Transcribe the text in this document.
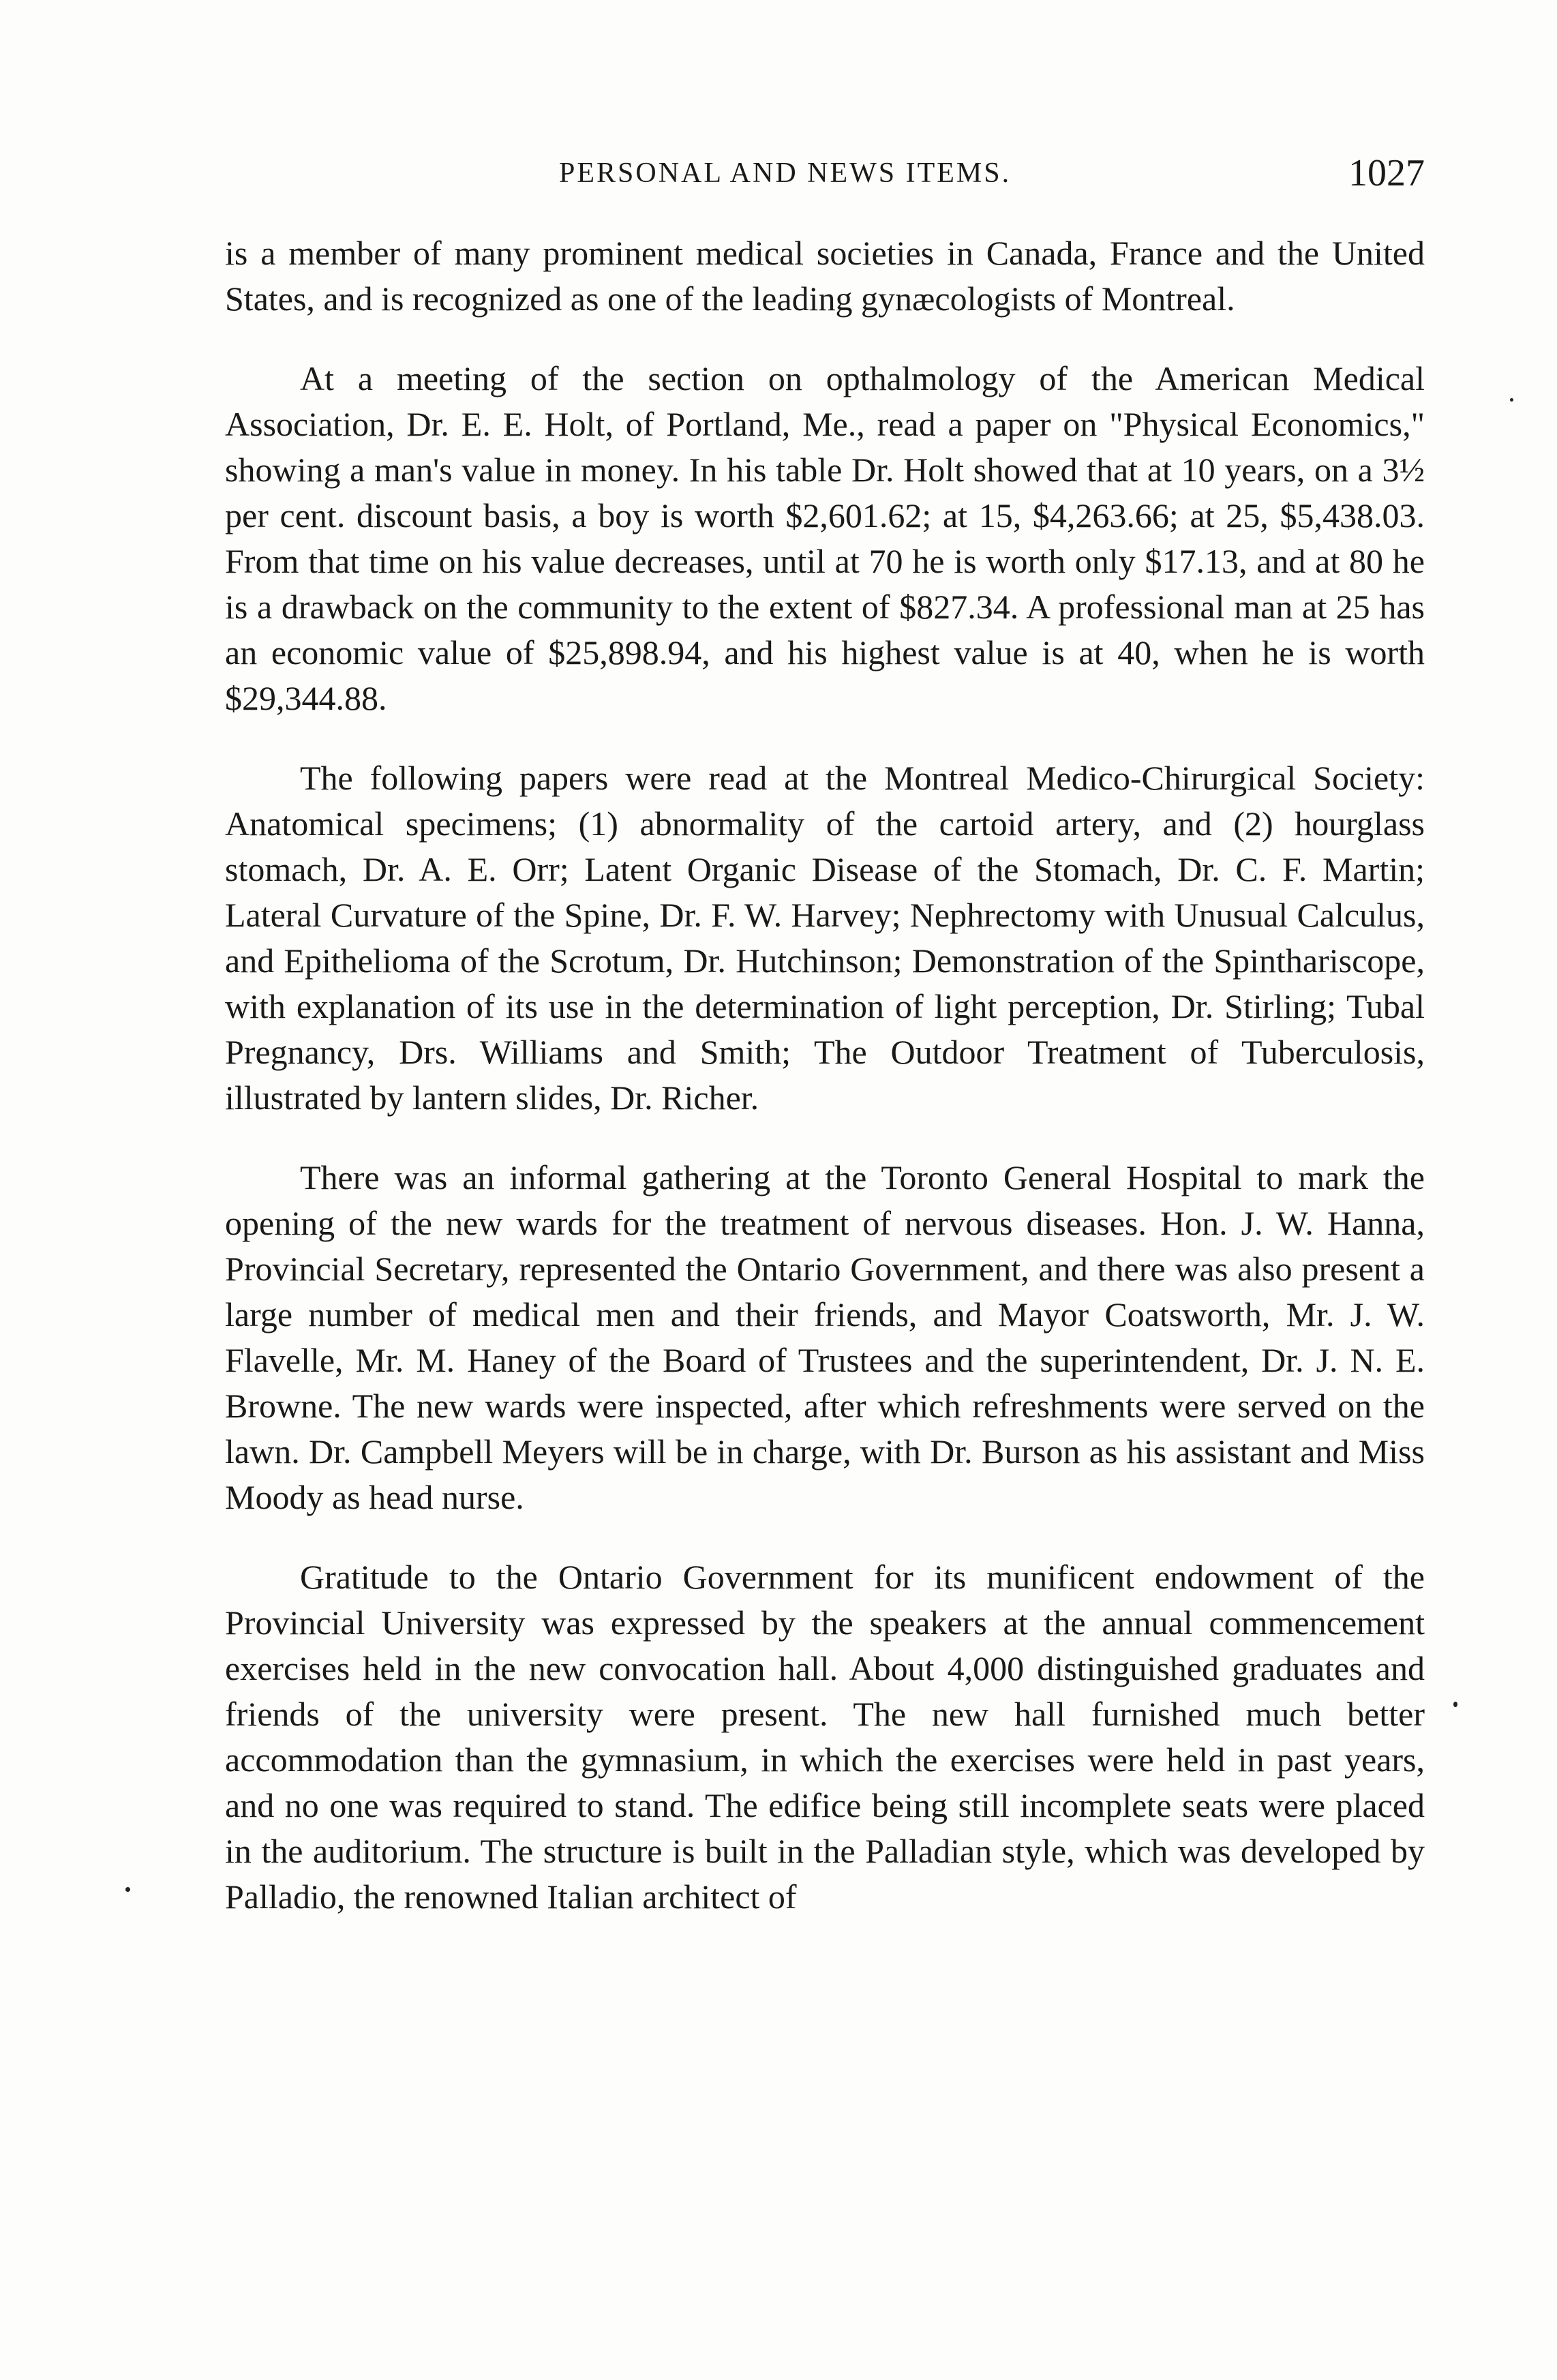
PERSONAL AND NEWS ITEMS.	1027

is a member of many prominent medical societies in Canada, France and the United States, and is recognized as one of the leading gynæcologists of Montreal.

At a meeting of the section on opthalmology of the American Medical Association, Dr. E. E. Holt, of Portland, Me., read a paper on "Physical Economics," showing a man's value in money. In his table Dr. Holt showed that at 10 years, on a 3½ per cent. discount basis, a boy is worth $2,601.62; at 15, $4,263.66; at 25, $5,438.03. From that time on his value decreases, until at 70 he is worth only $17.13, and at 80 he is a drawback on the community to the extent of $827.34. A professional man at 25 has an economic value of $25,898.94, and his highest value is at 40, when he is worth $29,344.88.

The following papers were read at the Montreal Medico-Chirurgical Society: Anatomical specimens; (1) abnormality of the cartoid artery, and (2) hourglass stomach, Dr. A. E. Orr; Latent Organic Disease of the Stomach, Dr. C. F. Martin; Lateral Curvature of the Spine, Dr. F. W. Harvey; Nephrectomy with Unusual Calculus, and Epithelioma of the Scrotum, Dr. Hutchinson; Demonstration of the Spinthariscope, with explanation of its use in the determination of light perception, Dr. Stirling; Tubal Pregnancy, Drs. Williams and Smith; The Outdoor Treatment of Tuberculosis, illustrated by lantern slides, Dr. Richer.

There was an informal gathering at the Toronto General Hospital to mark the opening of the new wards for the treatment of nervous diseases. Hon. J. W. Hanna, Provincial Secretary, represented the Ontario Government, and there was also present a large number of medical men and their friends, and Mayor Coatsworth, Mr. J. W. Flavelle, Mr. M. Haney of the Board of Trustees and the superintendent, Dr. J. N. E. Browne. The new wards were inspected, after which refreshments were served on the lawn. Dr. Campbell Meyers will be in charge, with Dr. Burson as his assistant and Miss Moody as head nurse.

Gratitude to the Ontario Government for its munificent endowment of the Provincial University was expressed by the speakers at the annual commencement exercises held in the new convocation hall. About 4,000 distinguished graduates and friends of the university were present. The new hall furnished much better accommodation than the gymnasium, in which the exercises were held in past years, and no one was required to stand. The edifice being still incomplete seats were placed in the auditorium. The structure is built in the Palladian style, which was developed by Palladio, the renowned Italian architect of
